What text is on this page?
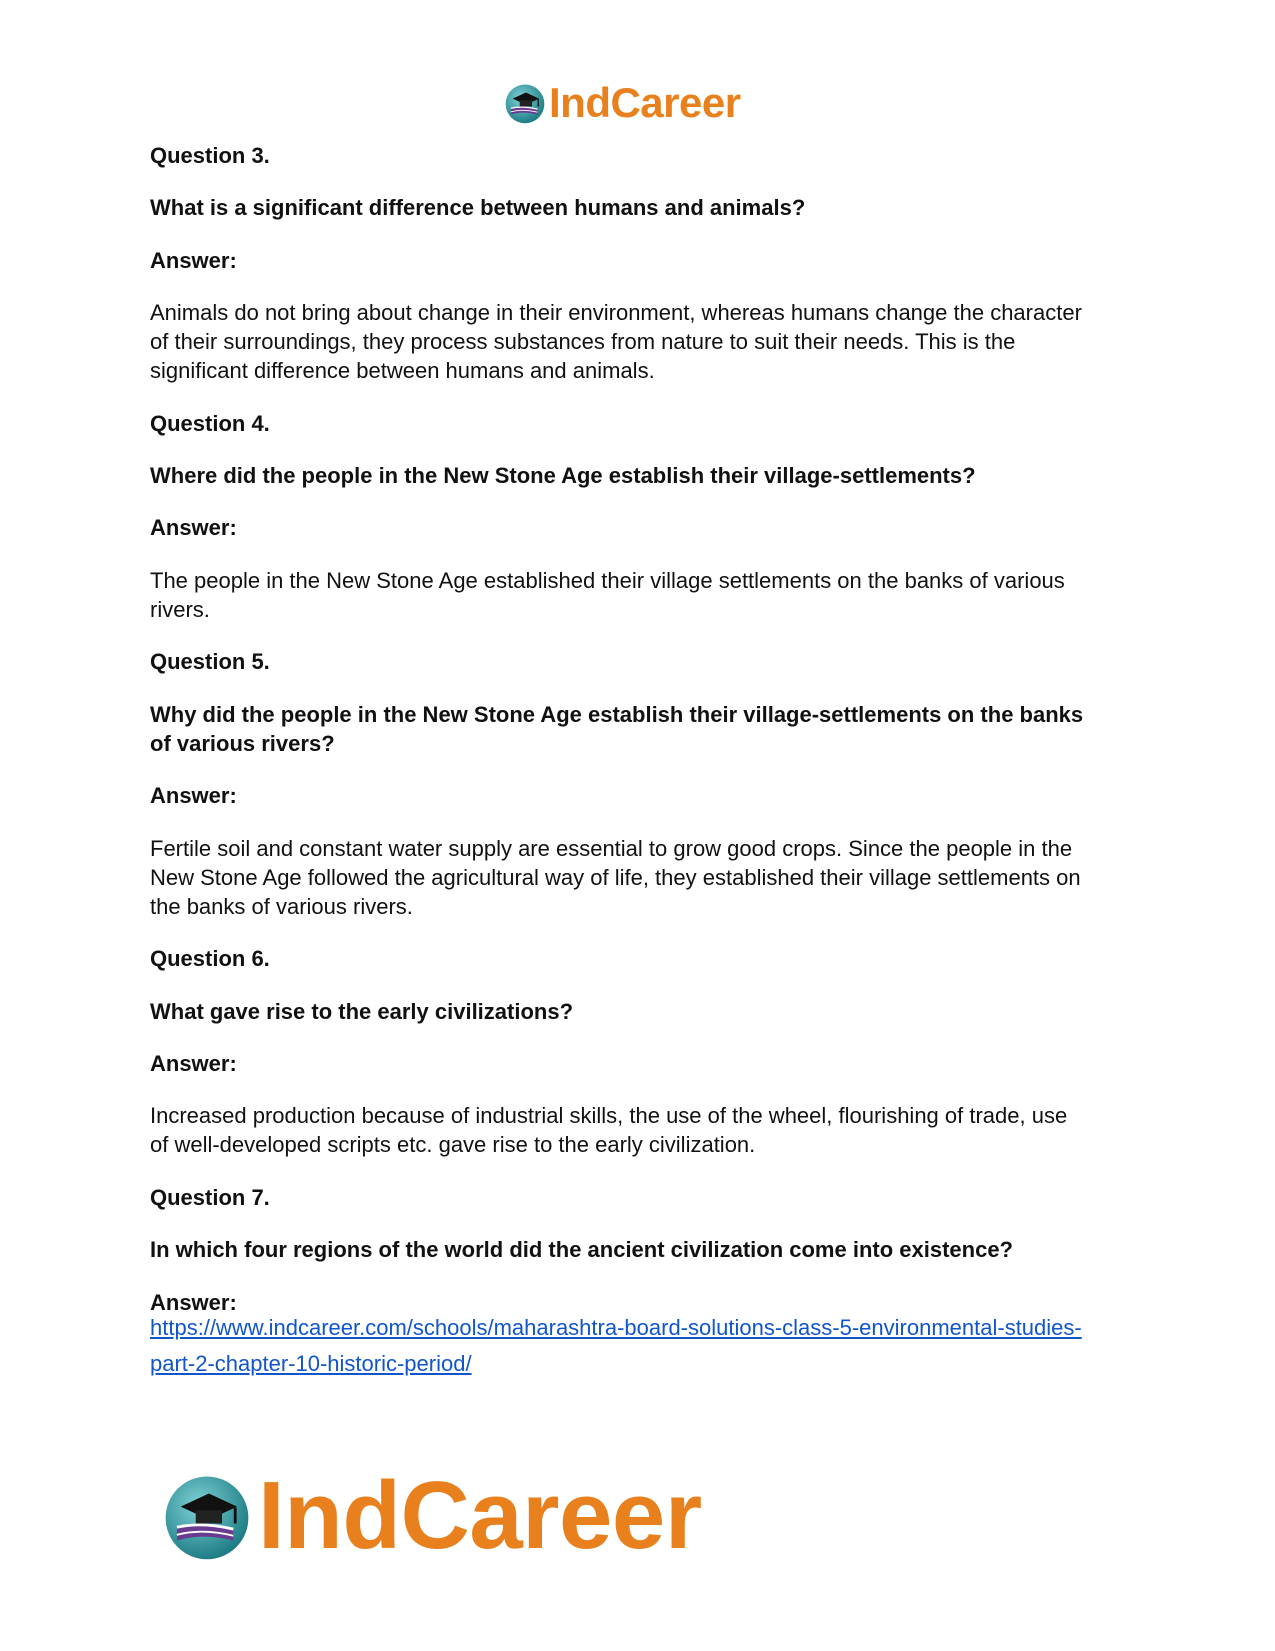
IndCareer
Question 3.
What is a significant difference between humans and animals?
Answer:
Animals do not bring about change in their environment, whereas humans change the character
of their surroundings, they process substances from nature to suit their needs. This is the
significant difference between humans and animals.
Question 4.
Where did the people in the New Stone Age establish their village-settlements?
Answer:
The people in the New Stone Age established their village settlements on the banks of various
rivers.
Question 5.
Why did the people in the New Stone Age establish their village-settlements on the banks
of various rivers?
Answer:
Fertile soil and constant water supply are essential to grow good crops. Since the people in the
New Stone Age followed the agricultural way of life, they established their village settlements on
the banks of various rivers.
Question 6.
What gave rise to the early civilizations?
Answer:
Increased production because of industrial skills, the use of the wheel, flourishing of trade, use
of well-developed scripts etc. gave rise to the early civilization.
Question 7.
In which four regions of the world did the ancient civilization come into existence?
Answer:
https://www.indcareer.com/schools/maharashtra-board-solutions-class-5-environmental-studies-
part-2-chapter-10-historic-period/
IndCareer
